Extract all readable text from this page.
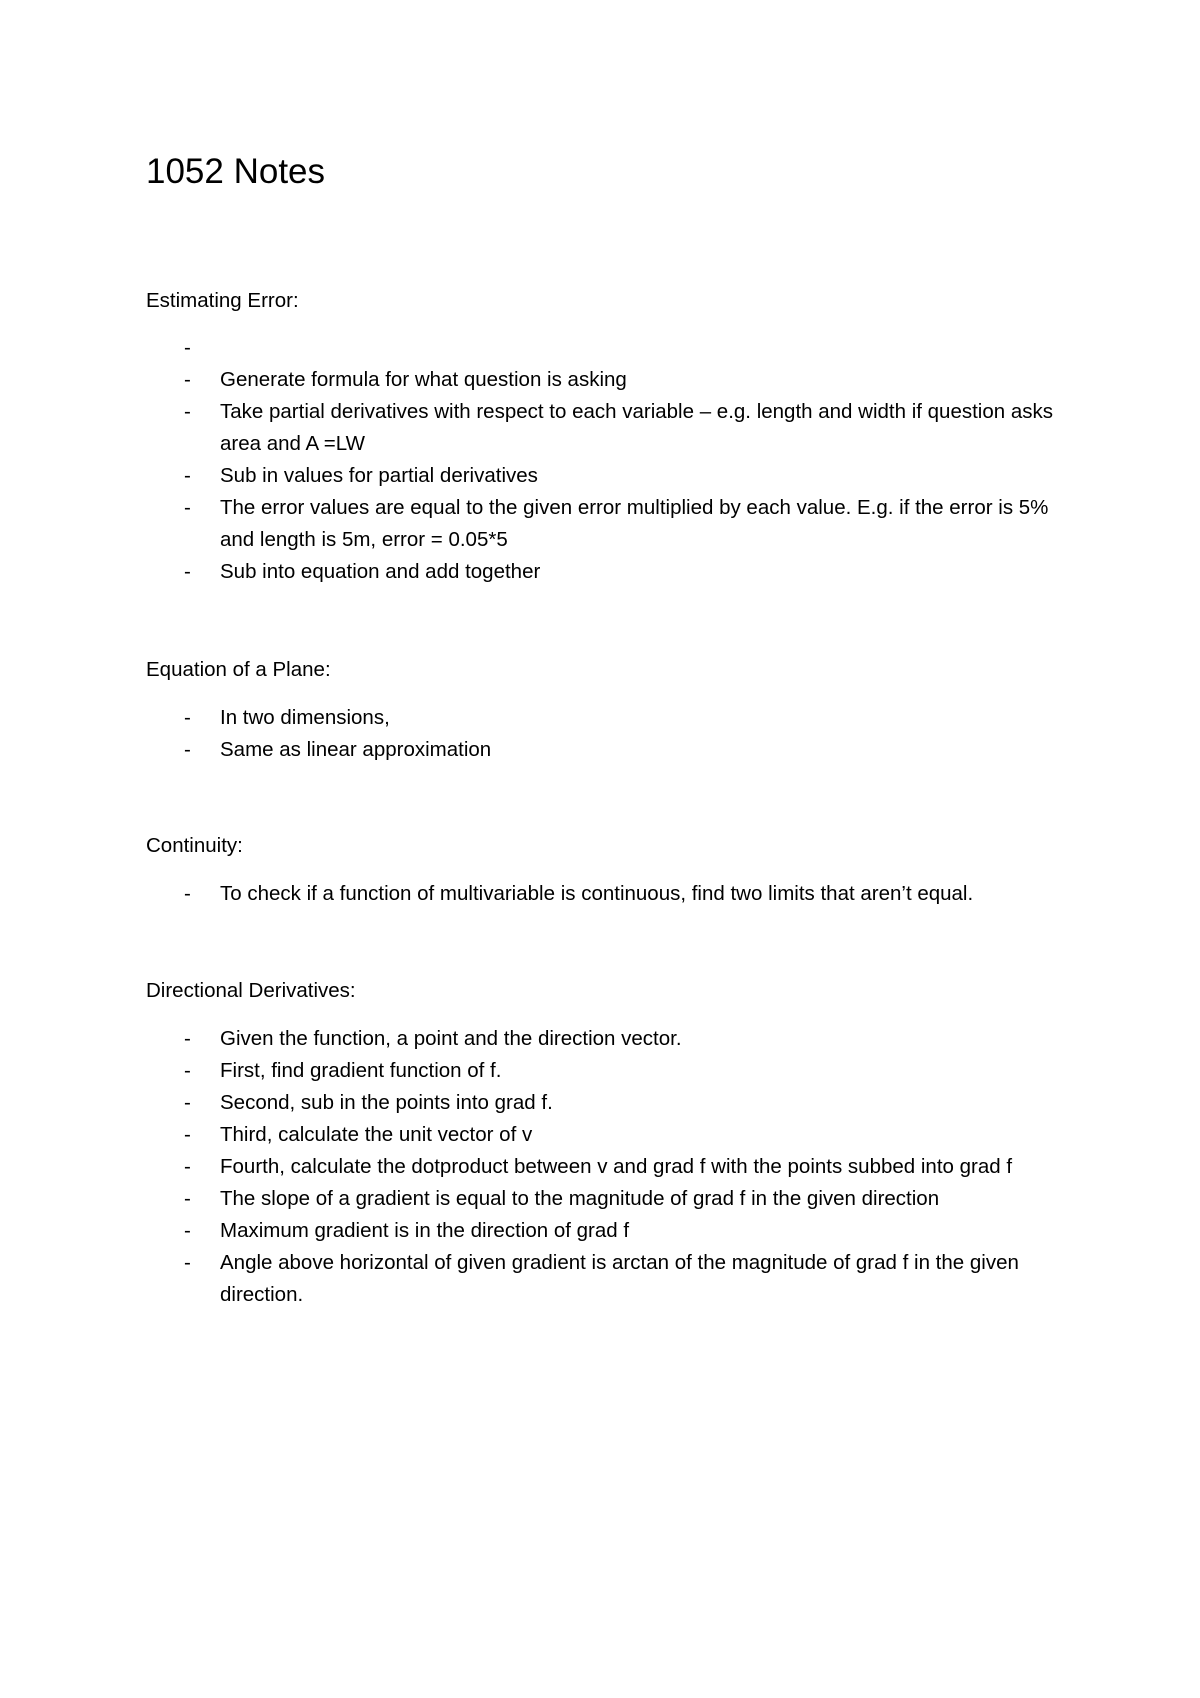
1052 Notes
Estimating Error:
-
- Generate formula for what question is asking
- Take partial derivatives with respect to each variable – e.g. length and width if question asks area and A =LW
- Sub in values for partial derivatives
- The error values are equal to the given error multiplied by each value. E.g. if the error is 5% and length is 5m, error = 0.05*5
- Sub into equation and add together
Equation of a Plane:
- In two dimensions,
- Same as linear approximation
Continuity:
- To check if a function of multivariable is continuous, find two limits that aren’t equal.
Directional Derivatives:
- Given the function, a point and the direction vector.
- First, find gradient function of f.
- Second, sub in the points into grad f.
- Third, calculate the unit vector of v
- Fourth, calculate the dotproduct between v and grad f with the points subbed into grad f
- The slope of a gradient is equal to the magnitude of grad f in the given direction
- Maximum gradient is in the direction of grad f
- Angle above horizontal of given gradient is arctan of the magnitude of grad f in the given direction.
